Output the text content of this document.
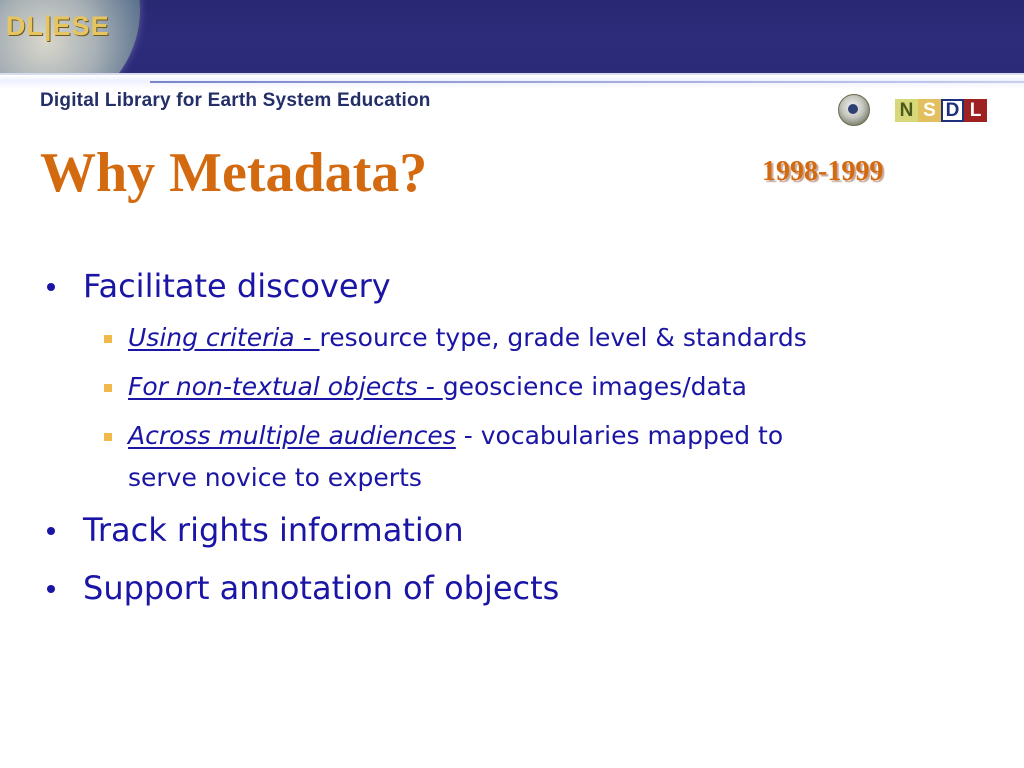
DL|ESE
Digital Library for Earth System Education	N S D L
Why Metadata?	1998-1999
Facilitate discovery
Using criteria - resource type, grade level & standards
For non-textual objects - geoscience images/data
Across multiple audiences - vocabularies mapped to
serve novice to experts
Track rights information
Support annotation of objects
